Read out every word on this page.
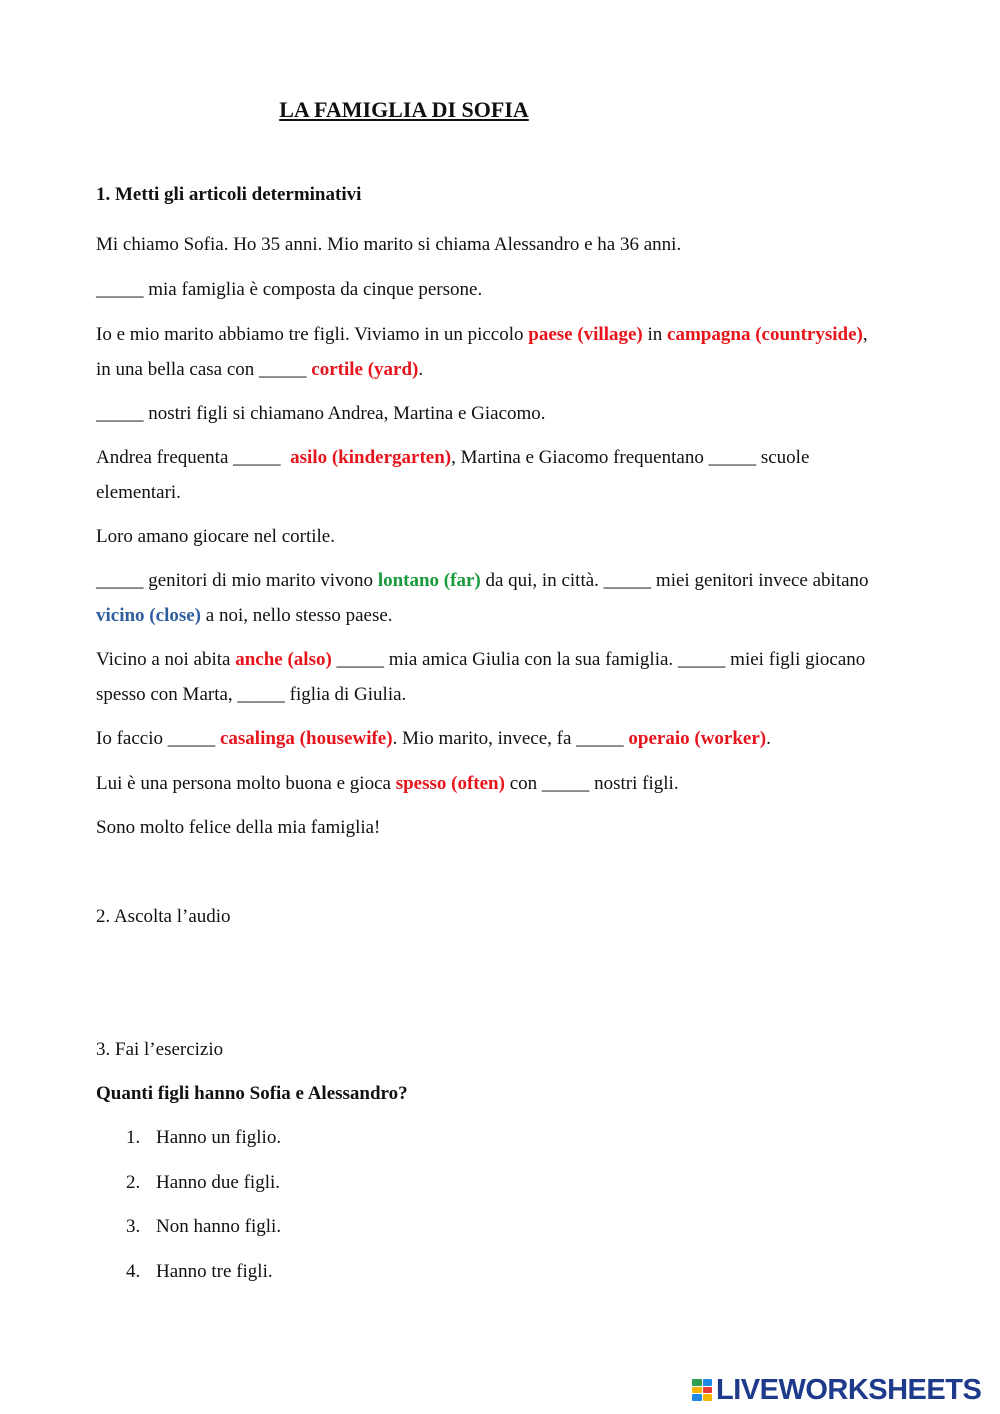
LA FAMIGLIA DI SOFIA

1. Metti gli articoli determinativi

Mi chiamo Sofia. Ho 35 anni. Mio marito si chiama Alessandro e ha 36 anni.

_____ mia famiglia è composta da cinque persone.

Io e mio marito abbiamo tre figli. Viviamo in un piccolo paese (village) in campagna (countryside), in una bella casa con _____ cortile (yard).

_____ nostri figli si chiamano Andrea, Martina e Giacomo.

Andrea frequenta _____ asilo (kindergarten), Martina e Giacomo frequentano _____ scuole elementari.

Loro amano giocare nel cortile.

_____ genitori di mio marito vivono lontano (far) da qui, in città. _____ miei genitori invece abitano vicino (close) a noi, nello stesso paese.

Vicino a noi abita anche (also) _____ mia amica Giulia con la sua famiglia. _____ miei figli giocano spesso con Marta, _____ figlia di Giulia.

Io faccio _____ casalinga (housewife). Mio marito, invece, fa _____ operaio (worker).

Lui è una persona molto buona e gioca spesso (often) con _____ nostri figli.

Sono molto felice della mia famiglia!

2. Ascolta l’audio

3. Fai l’esercizio

Quanti figli hanno Sofia e Alessandro?

1. Hanno un figlio.

2. Hanno due figli.

3. Non hanno figli.

4. Hanno tre figli.

LIVEWORKSHEETS
